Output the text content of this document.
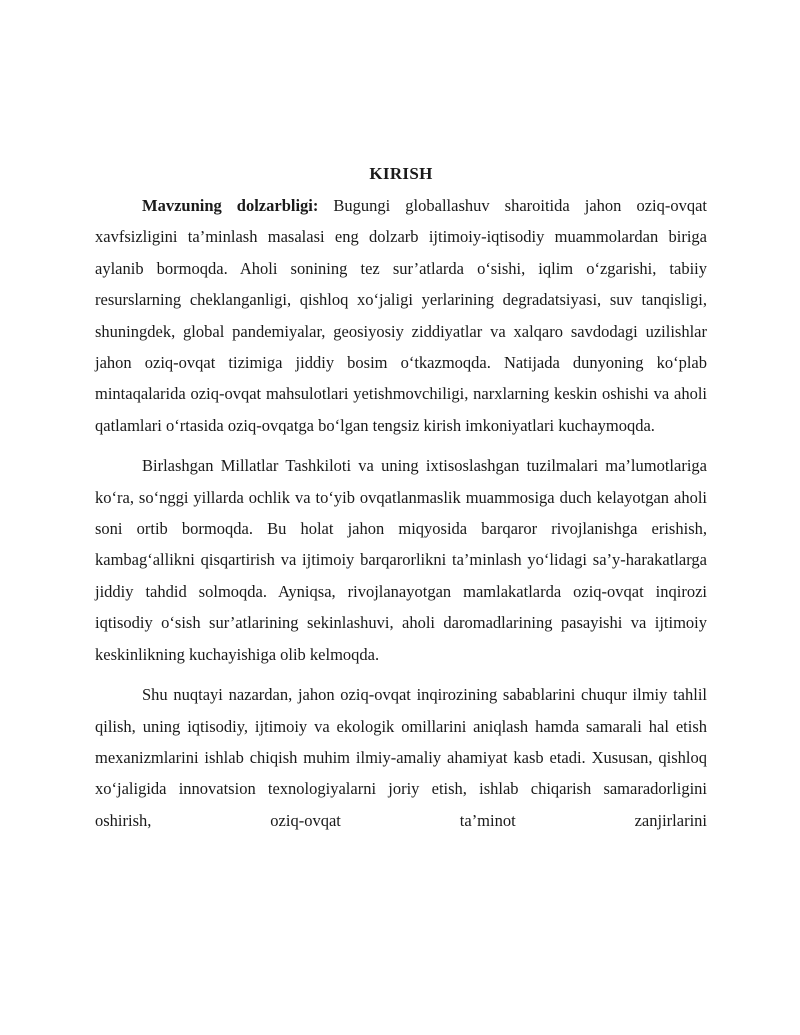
KIRISH

Mavzuning dolzarbligi: Bugungi globallashuv sharoitida jahon oziq-ovqat xavfsizligini ta’minlash masalasi eng dolzarb ijtimoiy-iqtisodiy muammolardan biriga aylanib bormoqda. Aholi sonining tez sur’atlarda o‘sishi, iqlim o‘zgarishi, tabiiy resurslarning cheklanganligi, qishloq xo‘jaligi yerlarining degradatsiyasi, suv tanqisligi, shuningdek, global pandemiyalar, geosiyosiy ziddiyatlar va xalqaro savdodagi uzilishlar jahon oziq-ovqat tizimiga jiddiy bosim o‘tkazmoqda. Natijada dunyoning ko‘plab mintaqalarida oziq-ovqat mahsulotlari yetishmovchiligi, narxlarning keskin oshishi va aholi qatlamlari o‘rtasida oziq-ovqatga bo‘lgan tengsiz kirish imkoniyatlari kuchaymoqda.

Birlashgan Millatlar Tashkiloti va uning ixtisoslashgan tuzilmalari ma’lumotlariga ko‘ra, so‘nggi yillarda ochlik va to‘yib ovqatlanmaslik muammosiga duch kelayotgan aholi soni ortib bormoqda. Bu holat jahon miqyosida barqaror rivojlanishga erishish, kambag‘allikni qisqartirish va ijtimoiy barqarorlikni ta’minlash yo‘lidagi sa’y-harakatlarga jiddiy tahdid solmoqda. Ayniqsa, rivojlanayotgan mamlakatlarda oziq-ovqat inqirozi iqtisodiy o‘sish sur’atlarining sekinlashuvi, aholi daromadlarining pasayishi va ijtimoiy keskinlikning kuchayishiga olib kelmoqda.

Shu nuqtayi nazardan, jahon oziq-ovqat inqirozining sabablarini chuqur ilmiy tahlil qilish, uning iqtisodiy, ijtimoiy va ekologik omillarini aniqlash hamda samarali hal etish mexanizmlarini ishlab chiqish muhim ilmiy-amaliy ahamiyat kasb etadi. Xususan, qishloq xo‘jaligida innovatsion texnologiyalarni joriy etish, ishlab chiqarish samaradorligini oshirish, oziq-ovqat ta’minot zanjirlarini
